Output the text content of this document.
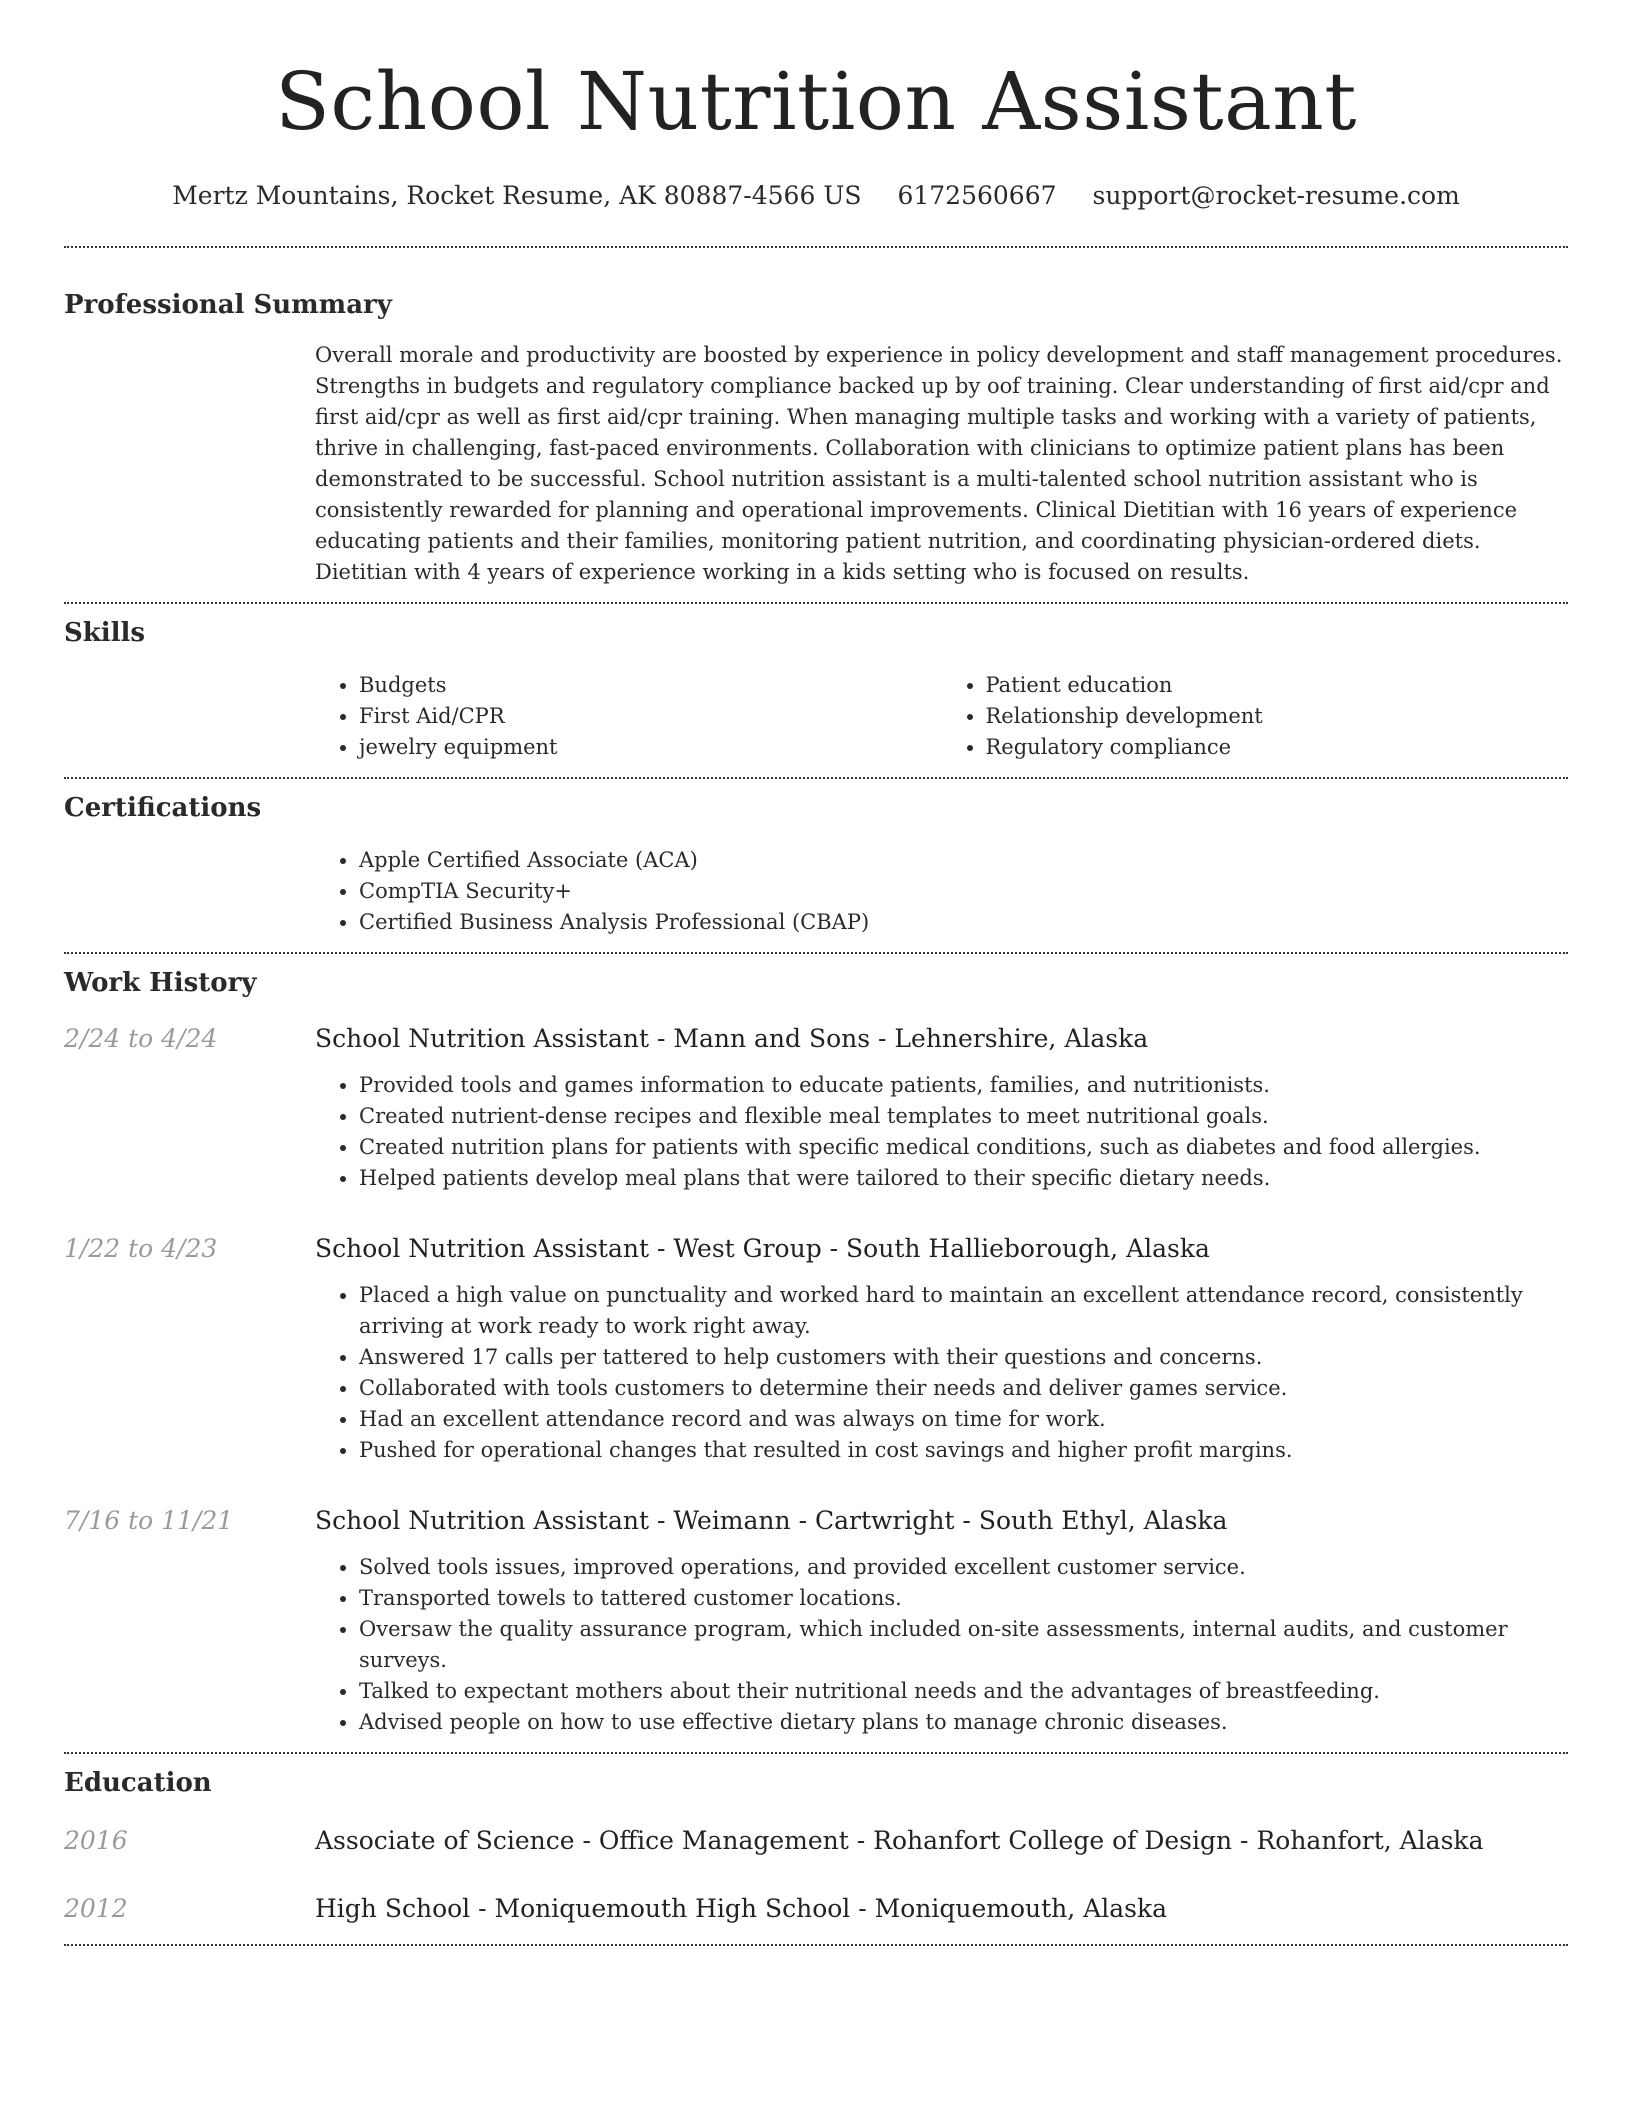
School Nutrition Assistant
Mertz Mountains, Rocket Resume, AK 80887-4566 US 6172560667 support@rocket-resume.com
Professional Summary
Overall morale and productivity are boosted by experience in policy development and staff management procedures. Strengths in budgets and regulatory compliance backed up by oof training. Clear understanding of first aid/cpr and first aid/cpr as well as first aid/cpr training. When managing multiple tasks and working with a variety of patients, thrive in challenging, fast-paced environments. Collaboration with clinicians to optimize patient plans has been demonstrated to be successful. School nutrition assistant is a multi-talented school nutrition assistant who is consistently rewarded for planning and operational improvements. Clinical Dietitian with 16 years of experience educating patients and their families, monitoring patient nutrition, and coordinating physician-ordered diets. Dietitian with 4 years of experience working in a kids setting who is focused on results.
Skills
• Budgets
• First Aid/CPR
• jewelry equipment
• Patient education
• Relationship development
• Regulatory compliance
Certifications
• Apple Certified Associate (ACA)
• CompTIA Security+
• Certified Business Analysis Professional (CBAP)
Work History
2/24 to 4/24	School Nutrition Assistant - Mann and Sons - Lehnershire, Alaska
• Provided tools and games information to educate patients, families, and nutritionists.
• Created nutrient-dense recipes and flexible meal templates to meet nutritional goals.
• Created nutrition plans for patients with specific medical conditions, such as diabetes and food allergies.
• Helped patients develop meal plans that were tailored to their specific dietary needs.
1/22 to 4/23	School Nutrition Assistant - West Group - South Hallieborough, Alaska
• Placed a high value on punctuality and worked hard to maintain an excellent attendance record, consistently arriving at work ready to work right away.
• Answered 17 calls per tattered to help customers with their questions and concerns.
• Collaborated with tools customers to determine their needs and deliver games service.
• Had an excellent attendance record and was always on time for work.
• Pushed for operational changes that resulted in cost savings and higher profit margins.
7/16 to 11/21	School Nutrition Assistant - Weimann - Cartwright - South Ethyl, Alaska
• Solved tools issues, improved operations, and provided excellent customer service.
• Transported towels to tattered customer locations.
• Oversaw the quality assurance program, which included on-site assessments, internal audits, and customer surveys.
• Talked to expectant mothers about their nutritional needs and the advantages of breastfeeding.
• Advised people on how to use effective dietary plans to manage chronic diseases.
Education
2016	Associate of Science - Office Management - Rohanfort College of Design - Rohanfort, Alaska
2012	High School - Moniquemouth High School - Moniquemouth, Alaska
